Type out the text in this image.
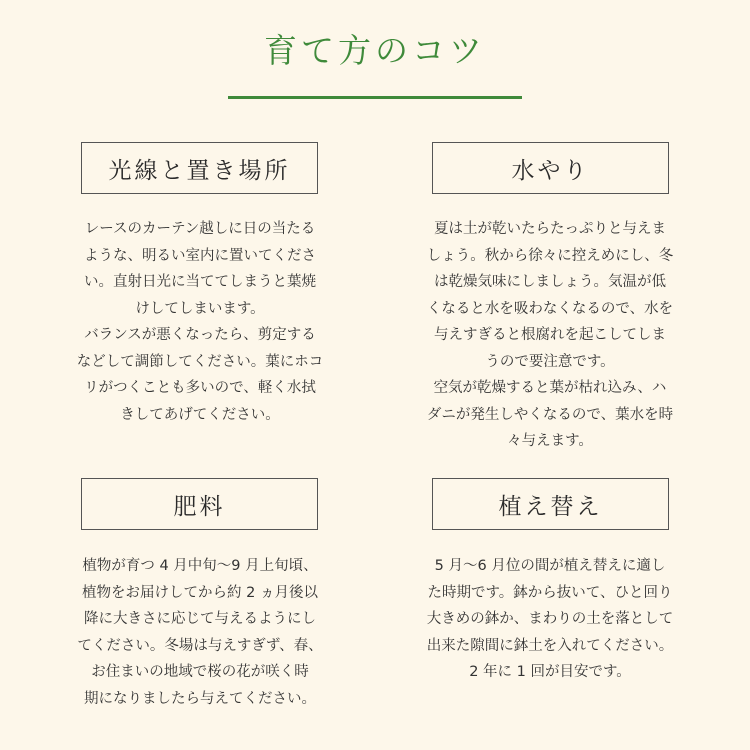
育て方のコツ
光線と置き場所
レースのカーテン越しに日の当たる
ような、明るい室内に置いてくださ
い。直射日光に当ててしまうと葉焼
けしてしまいます。
バランスが悪くなったら、剪定する
などして調節してください。葉にホコ
リがつくことも多いので、軽く水拭
きしてあげてください。
水やり
夏は土が乾いたらたっぷりと与えま
しょう。秋から徐々に控えめにし、冬
は乾燥気味にしましょう。気温が低
くなると水を吸わなくなるので、水を
与えすぎると根腐れを起こしてしま
うので要注意です。
空気が乾燥すると葉が枯れ込み、ハ
ダニが発生しやくなるので、葉水を時
々与えます。
肥料
植物が育つ 4 月中旬〜9 月上旬頃、
植物をお届けしてから約 2 ヵ月後以
降に大きさに応じて与えるようにし
てください。冬場は与えすぎず、春、
お住まいの地域で桜の花が咲く時
期になりましたら与えてください。
植え替え
5 月〜6 月位の間が植え替えに適し
た時期です。鉢から抜いて、ひと回り
大きめの鉢か、まわりの土を落として
出来た隙間に鉢土を入れてください。
2 年に 1 回が目安です。
